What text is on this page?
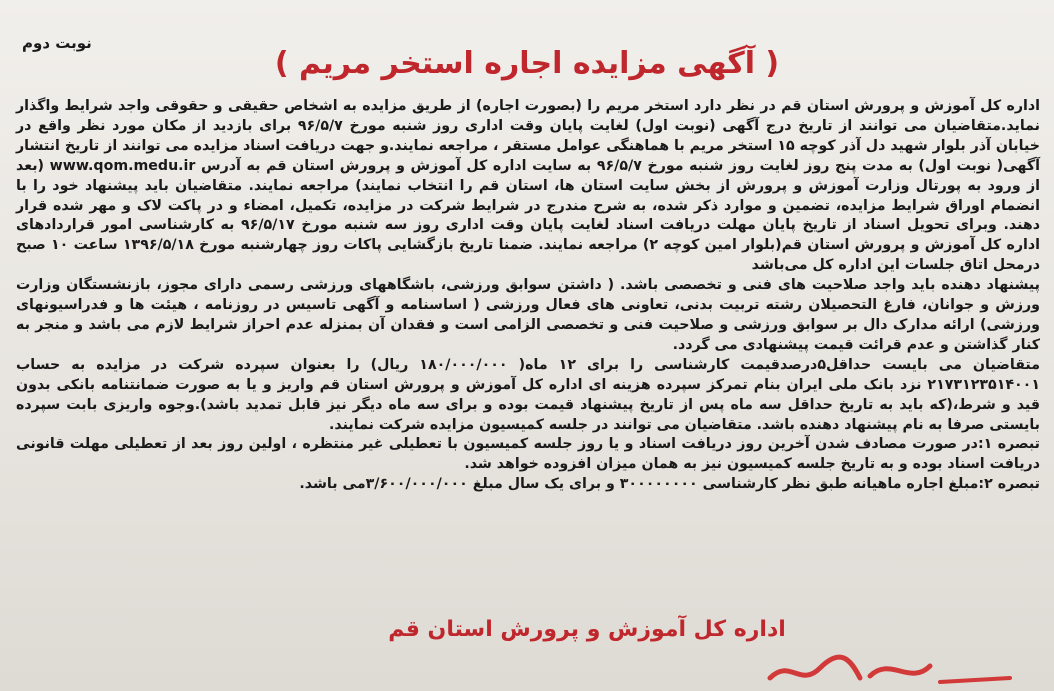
نوبت دوم
( آگهی مزایده اجاره استخر مریم )

اداره کل آموزش و پرورش استان قم در نظر دارد استخر مریم را (بصورت اجاره) از طریق مزایده به اشخاص حقیقی و حقوقی واجد شرایط واگذار نماید.متقاضیان می توانند از تاریخ درج آگهی (نوبت اول) لغایت پایان وقت اداری روز شنبه مورخ ۹۶/۵/۷ برای بازدید از مکان مورد نظر واقع در خیابان آذر بلوار شهید دل آذر کوچه ۱۵ استخر مریم با هماهنگی عوامل مستقر ، مراجعه نمایند.و جهت دریافت اسناد مزایده می توانند از تاریخ انتشار آگهی( نوبت اول) به مدت پنج روز لغایت روز شنبه مورخ ۹۶/۵/۷ به سایت اداره کل آموزش و پرورش استان قم به آدرس www.qom.medu.ir (بعد از ورود به پورتال وزارت آموزش و پرورش از بخش سایت استان ها، استان قم را انتخاب نمایند) مراجعه نمایند. متقاضیان باید پیشنهاد خود را با انضمام اوراق شرایط مزایده، تضمین و موارد ذکر شده، به شرح مندرج در شرایط شرکت در مزایده، تکمیل، امضاء و در پاکت لاک و مهر شده قرار دهند. وبرای تحویل اسناد از تاریخ پایان مهلت دریافت اسناد لغایت پایان وقت اداری روز سه شنبه مورخ ۹۶/۵/۱۷ به کارشناسی امور قراردادهای اداره کل آموزش و پرورش استان قم(بلوار امین کوچه ۲) مراجعه نمایند. ضمنا تاریخ بازگشایی پاکات روز چهارشنبه مورخ ۱۳۹۶/۵/۱۸ ساعت ۱۰ صبح درمحل اتاق جلسات این اداره کل می‌باشد

پیشنهاد دهنده باید واجد صلاحیت های فنی و تخصصی باشد. ( داشتن سوابق ورزشی، باشگاههای ورزشی رسمی دارای مجوز، بازنشستگان وزارت ورزش و جوانان، فارغ التحصیلان رشته تربیت بدنی، تعاونی های فعال ورزشی ( اساسنامه و آگهی تاسیس در روزنامه ، هیئت ها و فدراسیونهای ورزشی) ارائه مدارک دال بر سوابق ورزشی و صلاحیت فنی و تخصصی الزامی است و فقدان آن بمنزله عدم احراز شرایط لازم می باشد و منجر به کنار گذاشتن و عدم قرائت قیمت پیشنهادی می گردد.

متقاضیان می بایست حداقل۵درصدقیمت کارشناسی را برای ۱۲ ماه( ۱۸۰/۰۰۰/۰۰۰ ریال) را بعنوان سپرده شرکت در مزایده به حساب ۲۱۷۳۱۲۳۵۱۴۰۰۱ نزد بانک ملی ایران بنام تمرکز سپرده هزینه ای اداره کل آموزش و پرورش استان قم واریز و یا به صورت ضمانتنامه بانکی بدون قید و شرط،(که باید به تاریخ حداقل سه ماه پس از تاریخ پیشنهاد قیمت بوده و برای سه ماه دیگر نیز قابل تمدید باشد).وجوه واریزی بابت سپرده بایستی صرفا به نام پیشنهاد دهنده باشد. متقاضیان می توانند در جلسه کمیسیون مزایده شرکت نمایند.

تبصره ۱:در صورت مصادف شدن آخرین روز دریافت اسناد و یا روز جلسه کمیسیون با تعطیلی غیر منتظره ، اولین روز بعد از تعطیلی مهلت قانونی دریافت اسناد بوده و به تاریخ جلسه کمیسیون نیز به همان میزان افزوده خواهد شد.

تبصره ۲:مبلغ اجاره ماهیانه طبق نظر کارشناسی ۳۰۰۰۰۰۰۰۰ و برای یک سال مبلغ ۳/۶۰۰/۰۰۰/۰۰۰می باشد.

اداره کل آموزش و پرورش استان قم
